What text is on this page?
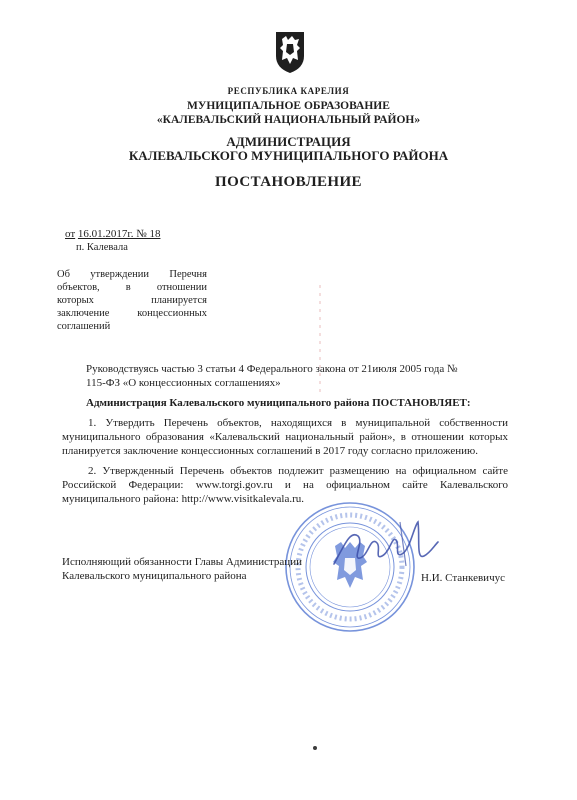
РЕСПУБЛИКА КАРЕЛИЯ
МУНИЦИПАЛЬНОЕ ОБРАЗОВАНИЕ
«КАЛЕВАЛЬСКИЙ НАЦИОНАЛЬНЫЙ РАЙОН»
АДМИНИСТРАЦИЯ
КАЛЕВАЛЬСКОГО МУНИЦИПАЛЬНОГО РАЙОНА
ПОСТАНОВЛЕНИЕ
от 16.01.2017г. № 18
п. Калевала
Об утверждении Перечня
объектов, в отношении
которых планируется
заключение концессионных
соглашений
Руководствуясь частью 3 статьи 4 Федерального закона от 21июля 2005 года №
115-ФЗ «О концессионных соглашениях»
Администрация Калевальского муниципального района ПОСТАНОВЛЯЕТ:
1. Утвердить Перечень объектов, находящихся в муниципальной собственности
муниципального образования «Калевальский национальный район», в отношении которых
планируется заключение концессионных соглашений в 2017 году согласно приложению.
2. Утвержденный Перечень объектов подлежит размещению на официальном сайте
Российской Федерации: www.torgi.gov.ru и на официальном сайте Калевальского
муниципального района: http://www.visitkalevala.ru.
Исполняющий обязанности Главы Администрации
Калевальского муниципального района	Н.И. Станкевичус
